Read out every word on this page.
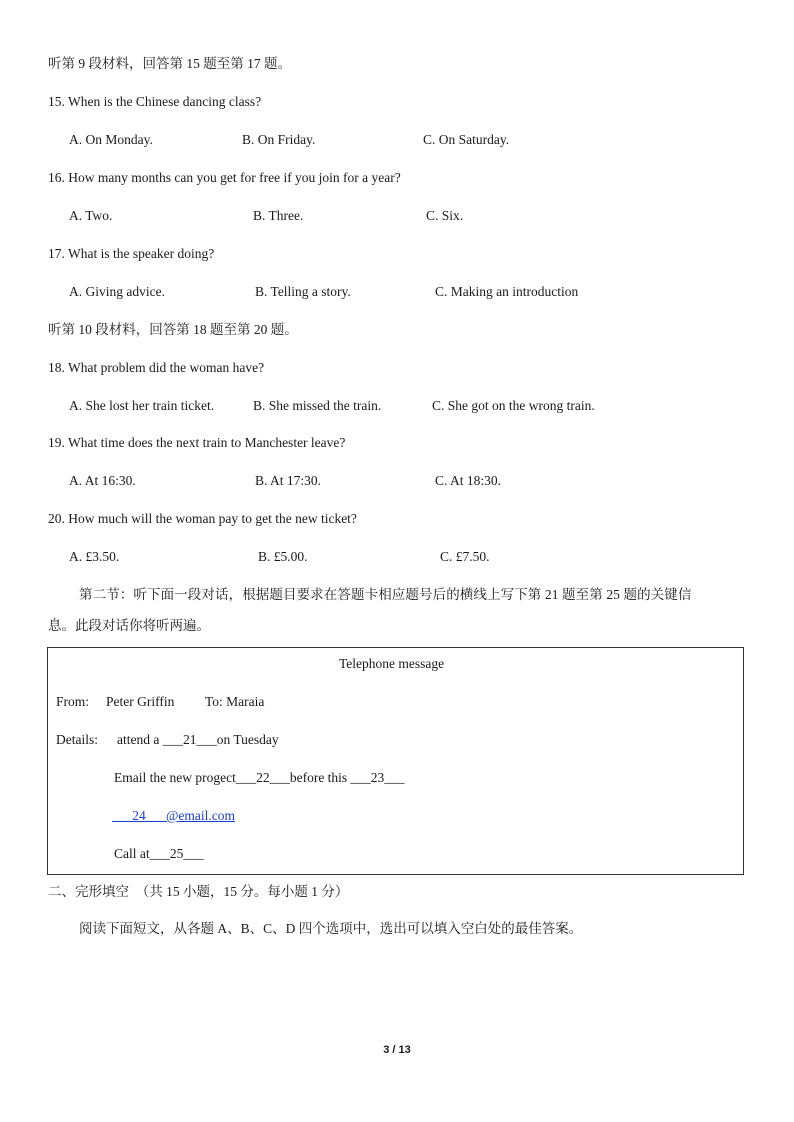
听第 9 段材料，回答第 15 题至第 17 题。
15. When is the Chinese dancing class?
A. On Monday.	B. On Friday.	C. On Saturday.
16. How many months can you get for free if you join for a year?
A. Two.	B. Three.	C. Six.
17. What is the speaker doing?
A. Giving advice.	B. Telling a story.	C. Making an introduction
听第 10 段材料，回答第 18 题至第 20 题。
18. What problem did the woman have?
A. She lost her train ticket.	B. She missed the train.	C. She got on the wrong train.
19. What time does the next train to Manchester leave?
A. At 16:30.	B. At 17:30.	C. At 18:30.
20. How much will the woman pay to get the new ticket?
A. £3.50.	B. £5.00.	C. £7.50.
第二节：听下面一段对话，根据题目要求在答题卡相应题号后的横线上写下第 21 题至第 25 题的关键信
息。此段对话你将听两遍。
Telephone message
From: Peter Griffin To: Maraia
Details: attend a ___21___on Tuesday
Email the new progect___22___before this ___23___
___24___@email.com
Call at___25___
二、完形填空　（共 15 小题，15 分。每小题 1 分）
阅读下面短文，从各题 A、B、C、D 四个选项中，选出可以填入空白处的最佳答案。
3 / 13
